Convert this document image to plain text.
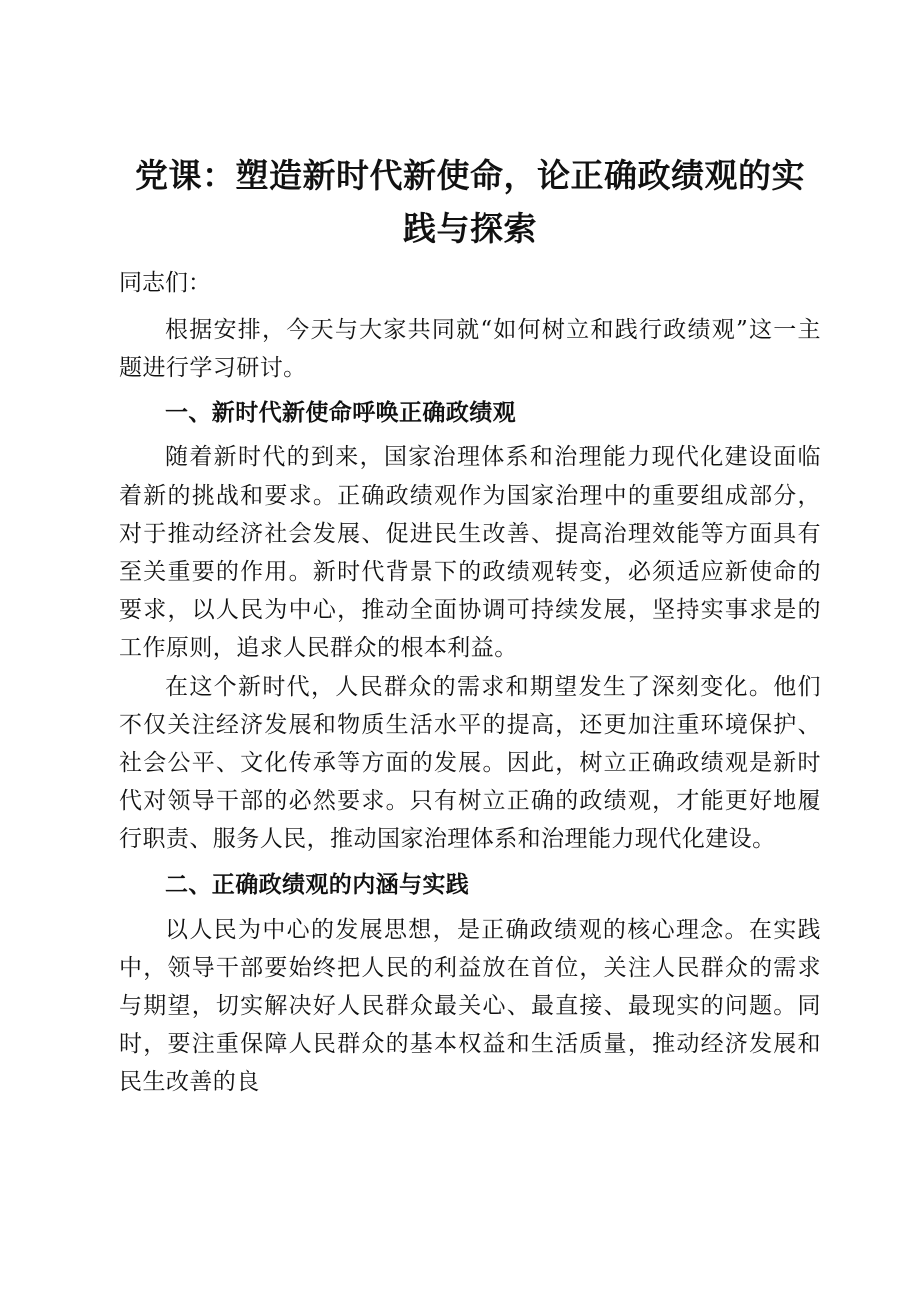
党课：塑造新时代新使命，论正确政绩观的实践与探索

同志们：

根据安排，今天与大家共同就“如何树立和践行政绩观”这一主题进行学习研讨。

一、新时代新使命呼唤正确政绩观

随着新时代的到来，国家治理体系和治理能力现代化建设面临着新的挑战和要求。正确政绩观作为国家治理中的重要组成部分，对于推动经济社会发展、促进民生改善、提高治理效能等方面具有至关重要的作用。新时代背景下的政绩观转变，必须适应新使命的要求，以人民为中心，推动全面协调可持续发展，坚持实事求是的工作原则，追求人民群众的根本利益。

在这个新时代，人民群众的需求和期望发生了深刻变化。他们不仅关注经济发展和物质生活水平的提高，还更加注重环境保护、社会公平、文化传承等方面的发展。因此，树立正确政绩观是新时代对领导干部的必然要求。只有树立正确的政绩观，才能更好地履行职责、服务人民，推动国家治理体系和治理能力现代化建设。

二、正确政绩观的内涵与实践

以人民为中心的发展思想，是正确政绩观的核心理念。在实践中，领导干部要始终把人民的利益放在首位，关注人民群众的需求与期望，切实解决好人民群众最关心、最直接、最现实的问题。同时，要注重保障人民群众的基本权益和生活质量，推动经济发展和民生改善的良
